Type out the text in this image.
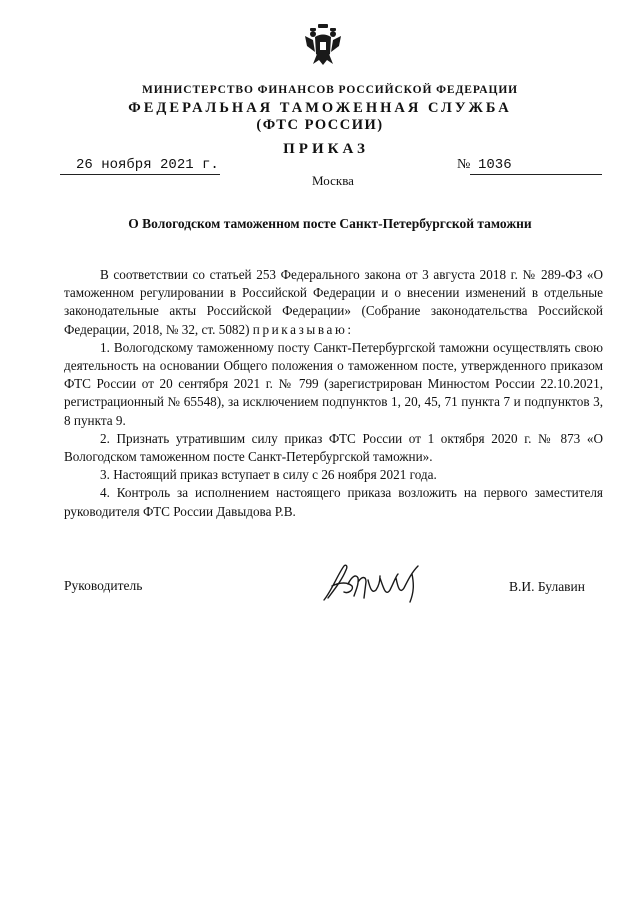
МИНИСТЕРСТВО ФИНАНСОВ РОССИЙСКОЙ ФЕДЕРАЦИИ
ФЕДЕРАЛЬНАЯ ТАМОЖЕННАЯ СЛУЖБА
(ФТС РОССИИ)
ПРИКАЗ
26 ноября 2021 г.	№ 1036
Москва
О Вологодском таможенном посте Санкт-Петербургской таможни

В соответствии со статьей 253 Федерального закона от 3 августа 2018 г. № 289-ФЗ «О таможенном регулировании в Российской Федерации и о внесении изменений в отдельные законодательные акты Российской Федерации» (Собрание законодательства Российской Федерации, 2018, № 32, ст. 5082) приказываю:

1. Вологодскому таможенному посту Санкт-Петербургской таможни осуществлять свою деятельность на основании Общего положения о таможенном посте, утвержденного приказом ФТС России от 20 сентября 2021 г. № 799 (зарегистрирован Минюстом России 22.10.2021, регистрационный № 65548), за исключением подпунктов 1, 20, 45, 71 пункта 7 и подпунктов 3, 8 пункта 9.

2. Признать утратившим силу приказ ФТС России от 1 октября 2020 г. № 873 «О Вологодском таможенном посте Санкт-Петербургской таможни».

3. Настоящий приказ вступает в силу с 26 ноября 2021 года.

4. Контроль за исполнением настоящего приказа возложить на первого заместителя руководителя ФТС России Давыдова Р.В.

Руководитель	В.И. Булавин
